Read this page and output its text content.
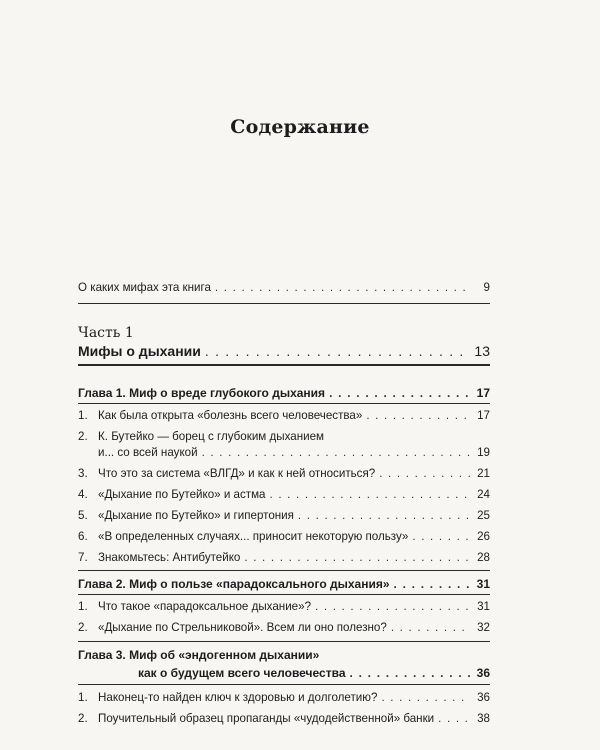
Содержание
О каких мифах эта книга . . .	9
Часть 1
Мифы о дыхании . . .	13
Глава 1. Миф о вреде глубокого дыхания . . .	17
1. Как была открыта «болезнь всего человечества» . . .	17
2. К. Бутейко — борец с глубоким дыханием
и... со всей наукой . . .	19
3. Что это за система «ВЛГД» и как к ней относиться? . . .	21
4. «Дыхание по Бутейко» и астма . . .	24
5. «Дыхание по Бутейко» и гипертония . . .	25
6. «В определенных случаях... приносит некоторую пользу» . . .	26
7. Знакомьтесь: Антибутейко . . .	28
Глава 2. Миф о пользе «парадоксального дыхания» . . .	31
1. Что такое «парадоксальное дыхание»? . . .	31
2. «Дыхание по Стрельниковой». Всем ли оно полезно? . . .	32
Глава 3. Миф об «эндогенном дыхании»
как о будущем всего человечества . . .	36
1. Наконец-то найден ключ к здоровью и долголетию? . . .	36
2. Поучительный образец пропаганды «чудодейственной» банки . . .	38
